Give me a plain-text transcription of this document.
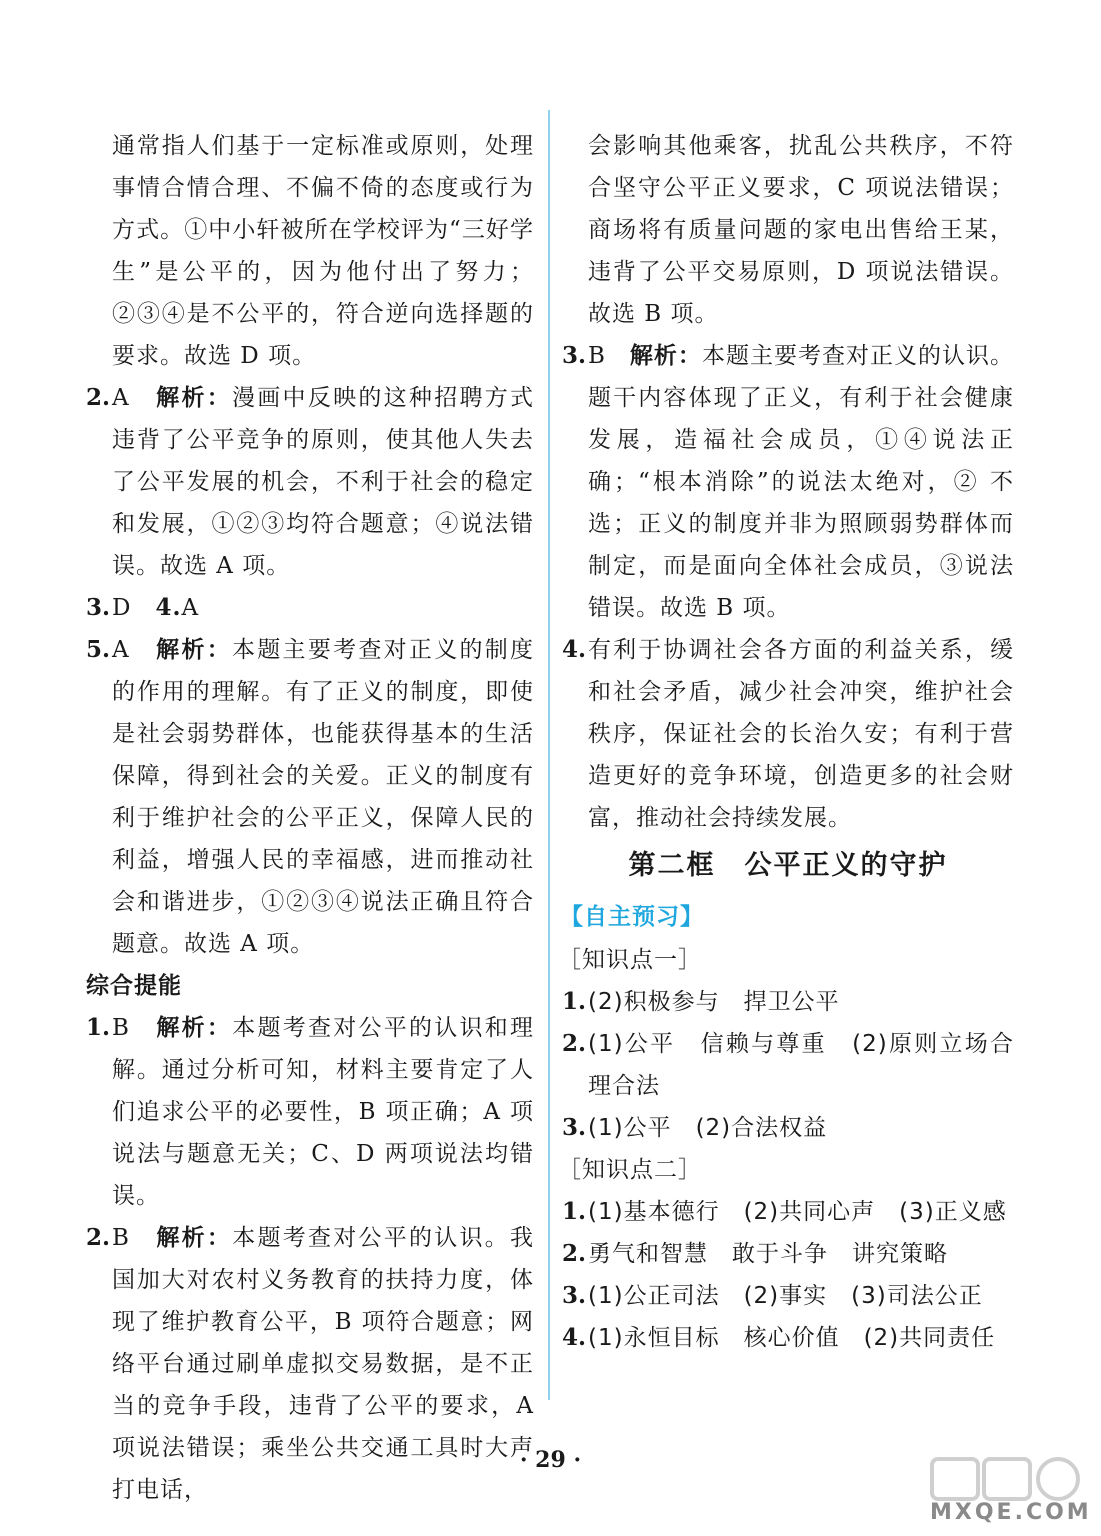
通常指人们基于一定标准或原则，处理事情合情合理、不偏不倚的态度或行为方式。①中小轩被所在学校评为“三好学生”是公平的，因为他付出了努力；②③④是不公平的，符合逆向选择题的要求。故选 D 项。

2. A　 解析：漫画中反映的这种招聘方式违背了公平竞争的原则，使其他人失去了公平发展的机会，不利于社会的稳定和发展，①②③均符合题意；④说法错误。故选 A 项。
3. D　 4.A
5. A　 解析：本题主要考查对正义的制度的作用的理解。有了正义的制度，即使是社会弱势群体，也能获得基本的生活保障，得到社会的关爱。正义的制度有利于维护社会的公平正义，保障人民的利益，增强人民的幸福感，进而推动社会和谐进步，①②③④说法正确且符合题意。故选 A 项。

综合提能

1. B　 解析：本题考查对公平的认识和理解。通过分析可知，材料主要肯定了人们追求公平的必要性，B 项正确；A 项说法与题意无关；C、D 两项说法均错误。
2. B　 解析：本题考查对公平的认识。我国加大对农村义务教育的扶持力度，体现了维护教育公平，B 项符合题意；网络平台通过刷单虚拟交易数据，是不正当的竞争手段，违背了公平的要求，A 项说法错误；乘坐公共交通工具时大声打电话，

会影响其他乘客，扰乱公共秩序，不符合坚守公平正义要求，C 项说法错误；商场将有质量问题的家电出售给王某，违背了公平交易原则，D 项说法错误。故选 B 项。

3. B　 解析：本题主要考查对正义的认识。题干内容体现了正义，有利于社会健康发展，造福社会成员，①④说法正确；“根本消除”的说法太绝对，② 不选；正义的制度并非为照顾弱势群体而制定，而是面向全体社会成员，③说法错误。故选 B 项。
4. 有利于协调社会各方面的利益关系，缓和社会矛盾，减少社会冲突，维护社会秩序，保证社会的长治久安；有利于营造更好的竞争环境，创造更多的社会财富，推动社会持续发展。

第二框　公平正义的守护

【自主预习】

［知识点一］

1. (2)积极参与　捍卫公平
2. (1)公平　信赖与尊重　(2)原则立场合理合法
3. (1)公平　(2)合法权益

［知识点二］

1. (1)基本德行　(2)共同心声　(3)正义感
2. 勇气和智慧　敢于斗争　讲究策略
3. (1)公正司法　(2)事实　(3)司法公正
4. (1)永恒目标　核心价值　(2)共同责任
· 29 ·
MXQE.COM
